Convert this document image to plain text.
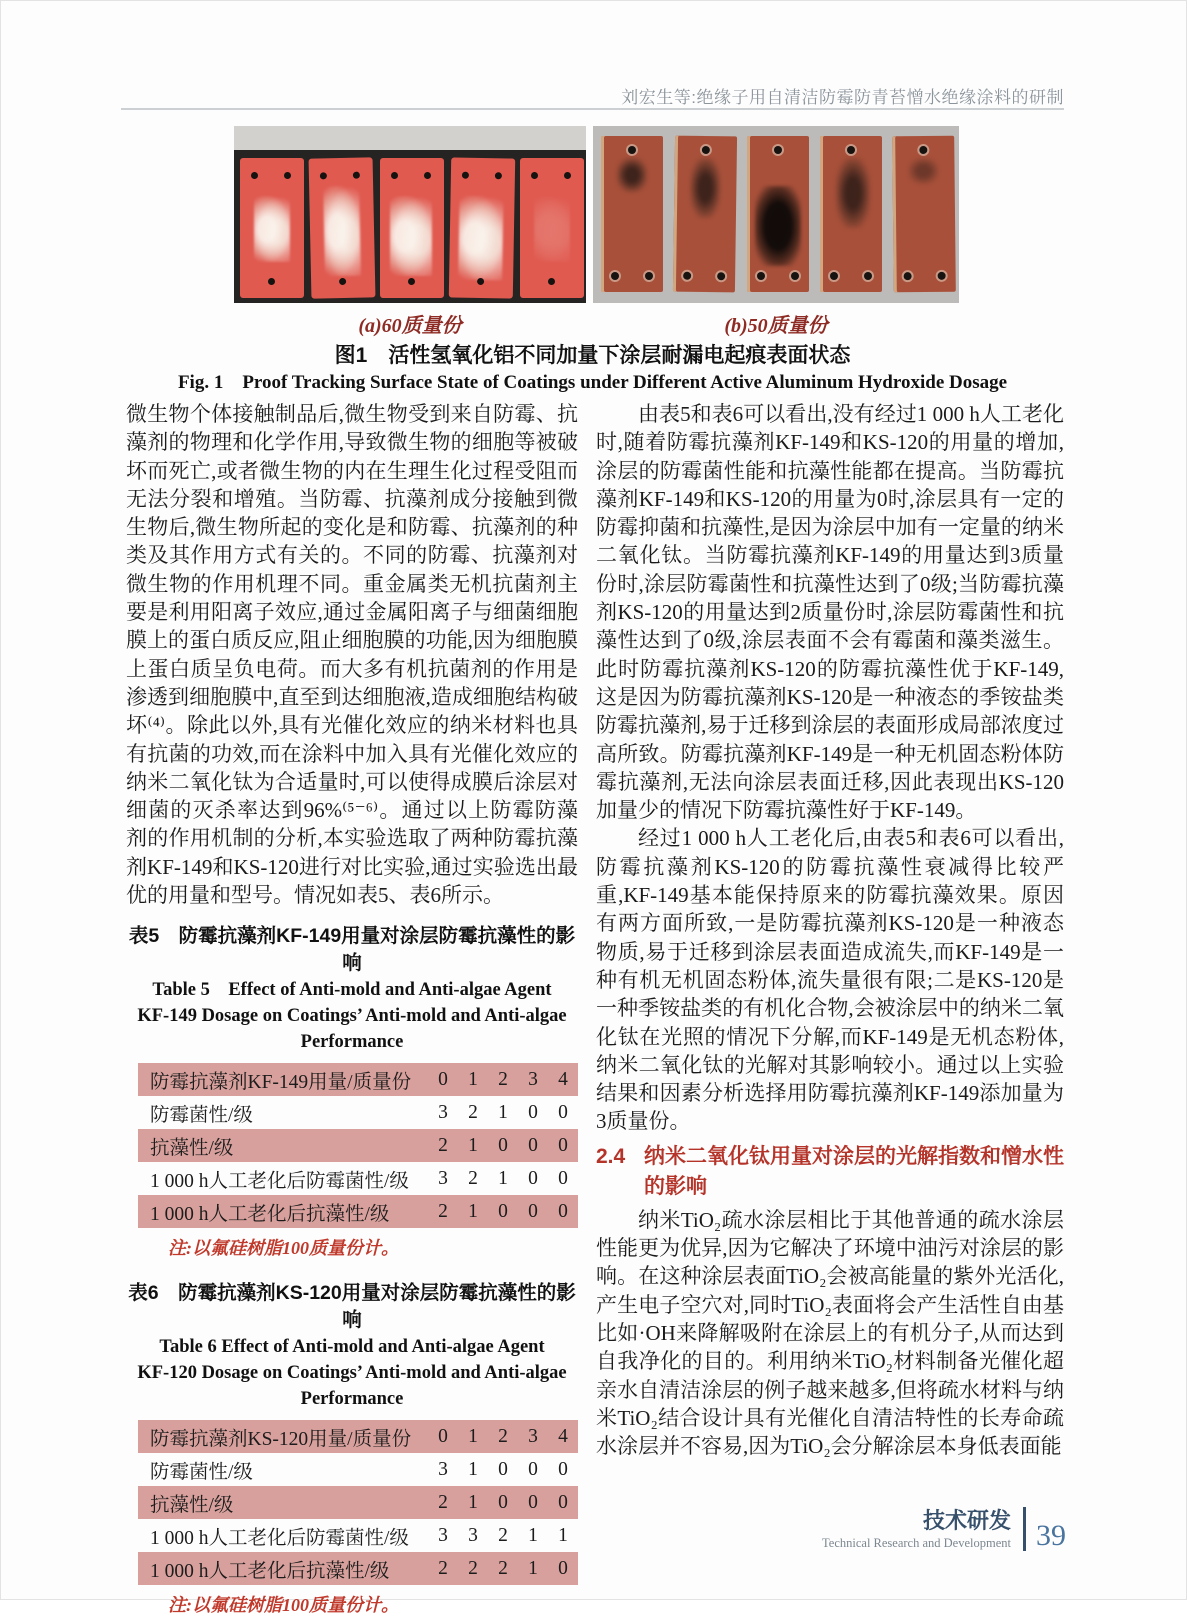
刘宏生等:绝缘子用自清洁防霉防青苔憎水绝缘涂料的研制
(a)60质量份	(b)50质量份
图1　活性氢氧化铝不同加量下涂层耐漏电起痕表面状态
Fig. 1　Proof Tracking Surface State of Coatings under Different Active Aluminum Hydroxide Dosage
微生物个体接触制品后,微生物受到来自防霉、抗藻剂的物理和化学作用,导致微生物的细胞等被破坏而死亡,或者微生物的内在生理生化过程受阻而无法分裂和增殖。当防霉、抗藻剂成分接触到微生物后,微生物所起的变化是和防霉、抗藻剂的种类及其作用方式有关的。不同的防霉、抗藻剂对微生物的作用机理不同。重金属类无机抗菌剂主要是利用阳离子效应,通过金属阳离子与细菌细胞膜上的蛋白质反应,阻止细胞膜的功能,因为细胞膜上蛋白质呈负电荷。而大多有机抗菌剂的作用是渗透到细胞膜中,直至到达细胞液,造成细胞结构破坏⁽⁴⁾。除此以外,具有光催化效应的纳米材料也具有抗菌的功效,而在涂料中加入具有光催化效应的纳米二氧化钛为合适量时,可以使得成膜后涂层对细菌的灭杀率达到96%⁽⁵⁻⁶⁾。通过以上防霉防藻剂的作用机制的分析,本实验选取了两种防霉抗藻剂KF-149和KS-120进行对比实验,通过实验选出最优的用量和型号。情况如表5、表6所示。
表5　防霉抗藻剂KF-149用量对涂层防霉抗藻性的影响
Table 5　Effect of Anti-mold and Anti-algae Agent
KF-149 Dosage on Coatings’ Anti-mold and Anti-algae
Performance
防霉抗藻剂KF-149用量/质量份	0	1	2	3	4
防霉菌性/级	3	2	1	0	0
抗藻性/级	2	1	0	0	0
1 000 h人工老化后防霉菌性/级	3	2	1	0	0
1 000 h人工老化后抗藻性/级	2	1	0	0	0
注:以氟硅树脂100质量份计。
表6　防霉抗藻剂KS-120用量对涂层防霉抗藻性的影响
Table 6 Effect of Anti-mold and Anti-algae Agent
KF-120 Dosage on Coatings’ Anti-mold and Anti-algae
Performance
防霉抗藻剂KS-120用量/质量份	0	1	2	3	4
防霉菌性/级	3	1	0	0	0
抗藻性/级	2	1	0	0	0
1 000 h人工老化后防霉菌性/级	3	3	2	1	1
1 000 h人工老化后抗藻性/级	2	2	2	1	0
注:以氟硅树脂100质量份计。
由表5和表6可以看出,没有经过1 000 h人工老化时,随着防霉抗藻剂KF-149和KS-120的用量的增加,涂层的防霉菌性能和抗藻性能都在提高。当防霉抗藻剂KF-149和KS-120的用量为0时,涂层具有一定的防霉抑菌和抗藻性,是因为涂层中加有一定量的纳米二氧化钛。当防霉抗藻剂KF-149的用量达到3质量份时,涂层防霉菌性和抗藻性达到了0级;当防霉抗藻剂KS-120的用量达到2质量份时,涂层防霉菌性和抗藻性达到了0级,涂层表面不会有霉菌和藻类滋生。此时防霉抗藻剂KS-120的防霉抗藻性优于KF-149,这是因为防霉抗藻剂KS-120是一种液态的季铵盐类防霉抗藻剂,易于迁移到涂层的表面形成局部浓度过高所致。防霉抗藻剂KF-149是一种无机固态粉体防霉抗藻剂,无法向涂层表面迁移,因此表现出KS-120加量少的情况下防霉抗藻性好于KF-149。
经过1 000 h人工老化后,由表5和表6可以看出,防霉抗藻剂KS-120的防霉抗藻性衰减得比较严重,KF-149基本能保持原来的防霉抗藻效果。原因有两方面所致,一是防霉抗藻剂KS-120是一种液态物质,易于迁移到涂层表面造成流失,而KF-149是一种有机无机固态粉体,流失量很有限;二是KS-120是一种季铵盐类的有机化合物,会被涂层中的纳米二氧化钛在光照的情况下分解,而KF-149是无机态粉体,纳米二氧化钛的光解对其影响较小。通过以上实验结果和因素分析选择用防霉抗藻剂KF-149添加量为3质量份。
2.4 纳米二氧化钛用量对涂层的光解指数和憎水性的影响
纳米TiO₂疏水涂层相比于其他普通的疏水涂层性能更为优异,因为它解决了环境中油污对涂层的影响。在这种涂层表面TiO₂会被高能量的紫外光活化,产生电子空穴对,同时TiO₂表面将会产生活性自由基比如·OH来降解吸附在涂层上的有机分子,从而达到自我净化的目的。利用纳米TiO₂材料制备光催化超亲水自清洁涂层的例子越来越多,但将疏水材料与纳米TiO₂结合设计具有光催化自清洁特性的长寿命疏水涂层并不容易,因为TiO₂会分解涂层本身低表面能
技术研发
Technical Research and Development 39
